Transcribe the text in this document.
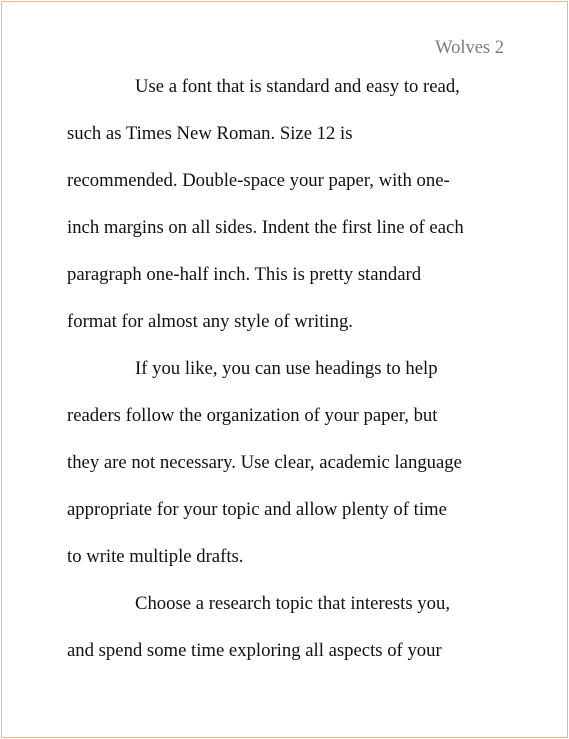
Wolves 2
Use a font that is standard and easy to read,
such as Times New Roman. Size 12 is
recommended. Double-space your paper, with one-
inch margins on all sides. Indent the first line of each
paragraph one-half inch. This is pretty standard
format for almost any style of writing.
If you like, you can use headings to help
readers follow the organization of your paper, but
they are not necessary. Use clear, academic language
appropriate for your topic and allow plenty of time
to write multiple drafts.
Choose a research topic that interests you,
and spend some time exploring all aspects of your
